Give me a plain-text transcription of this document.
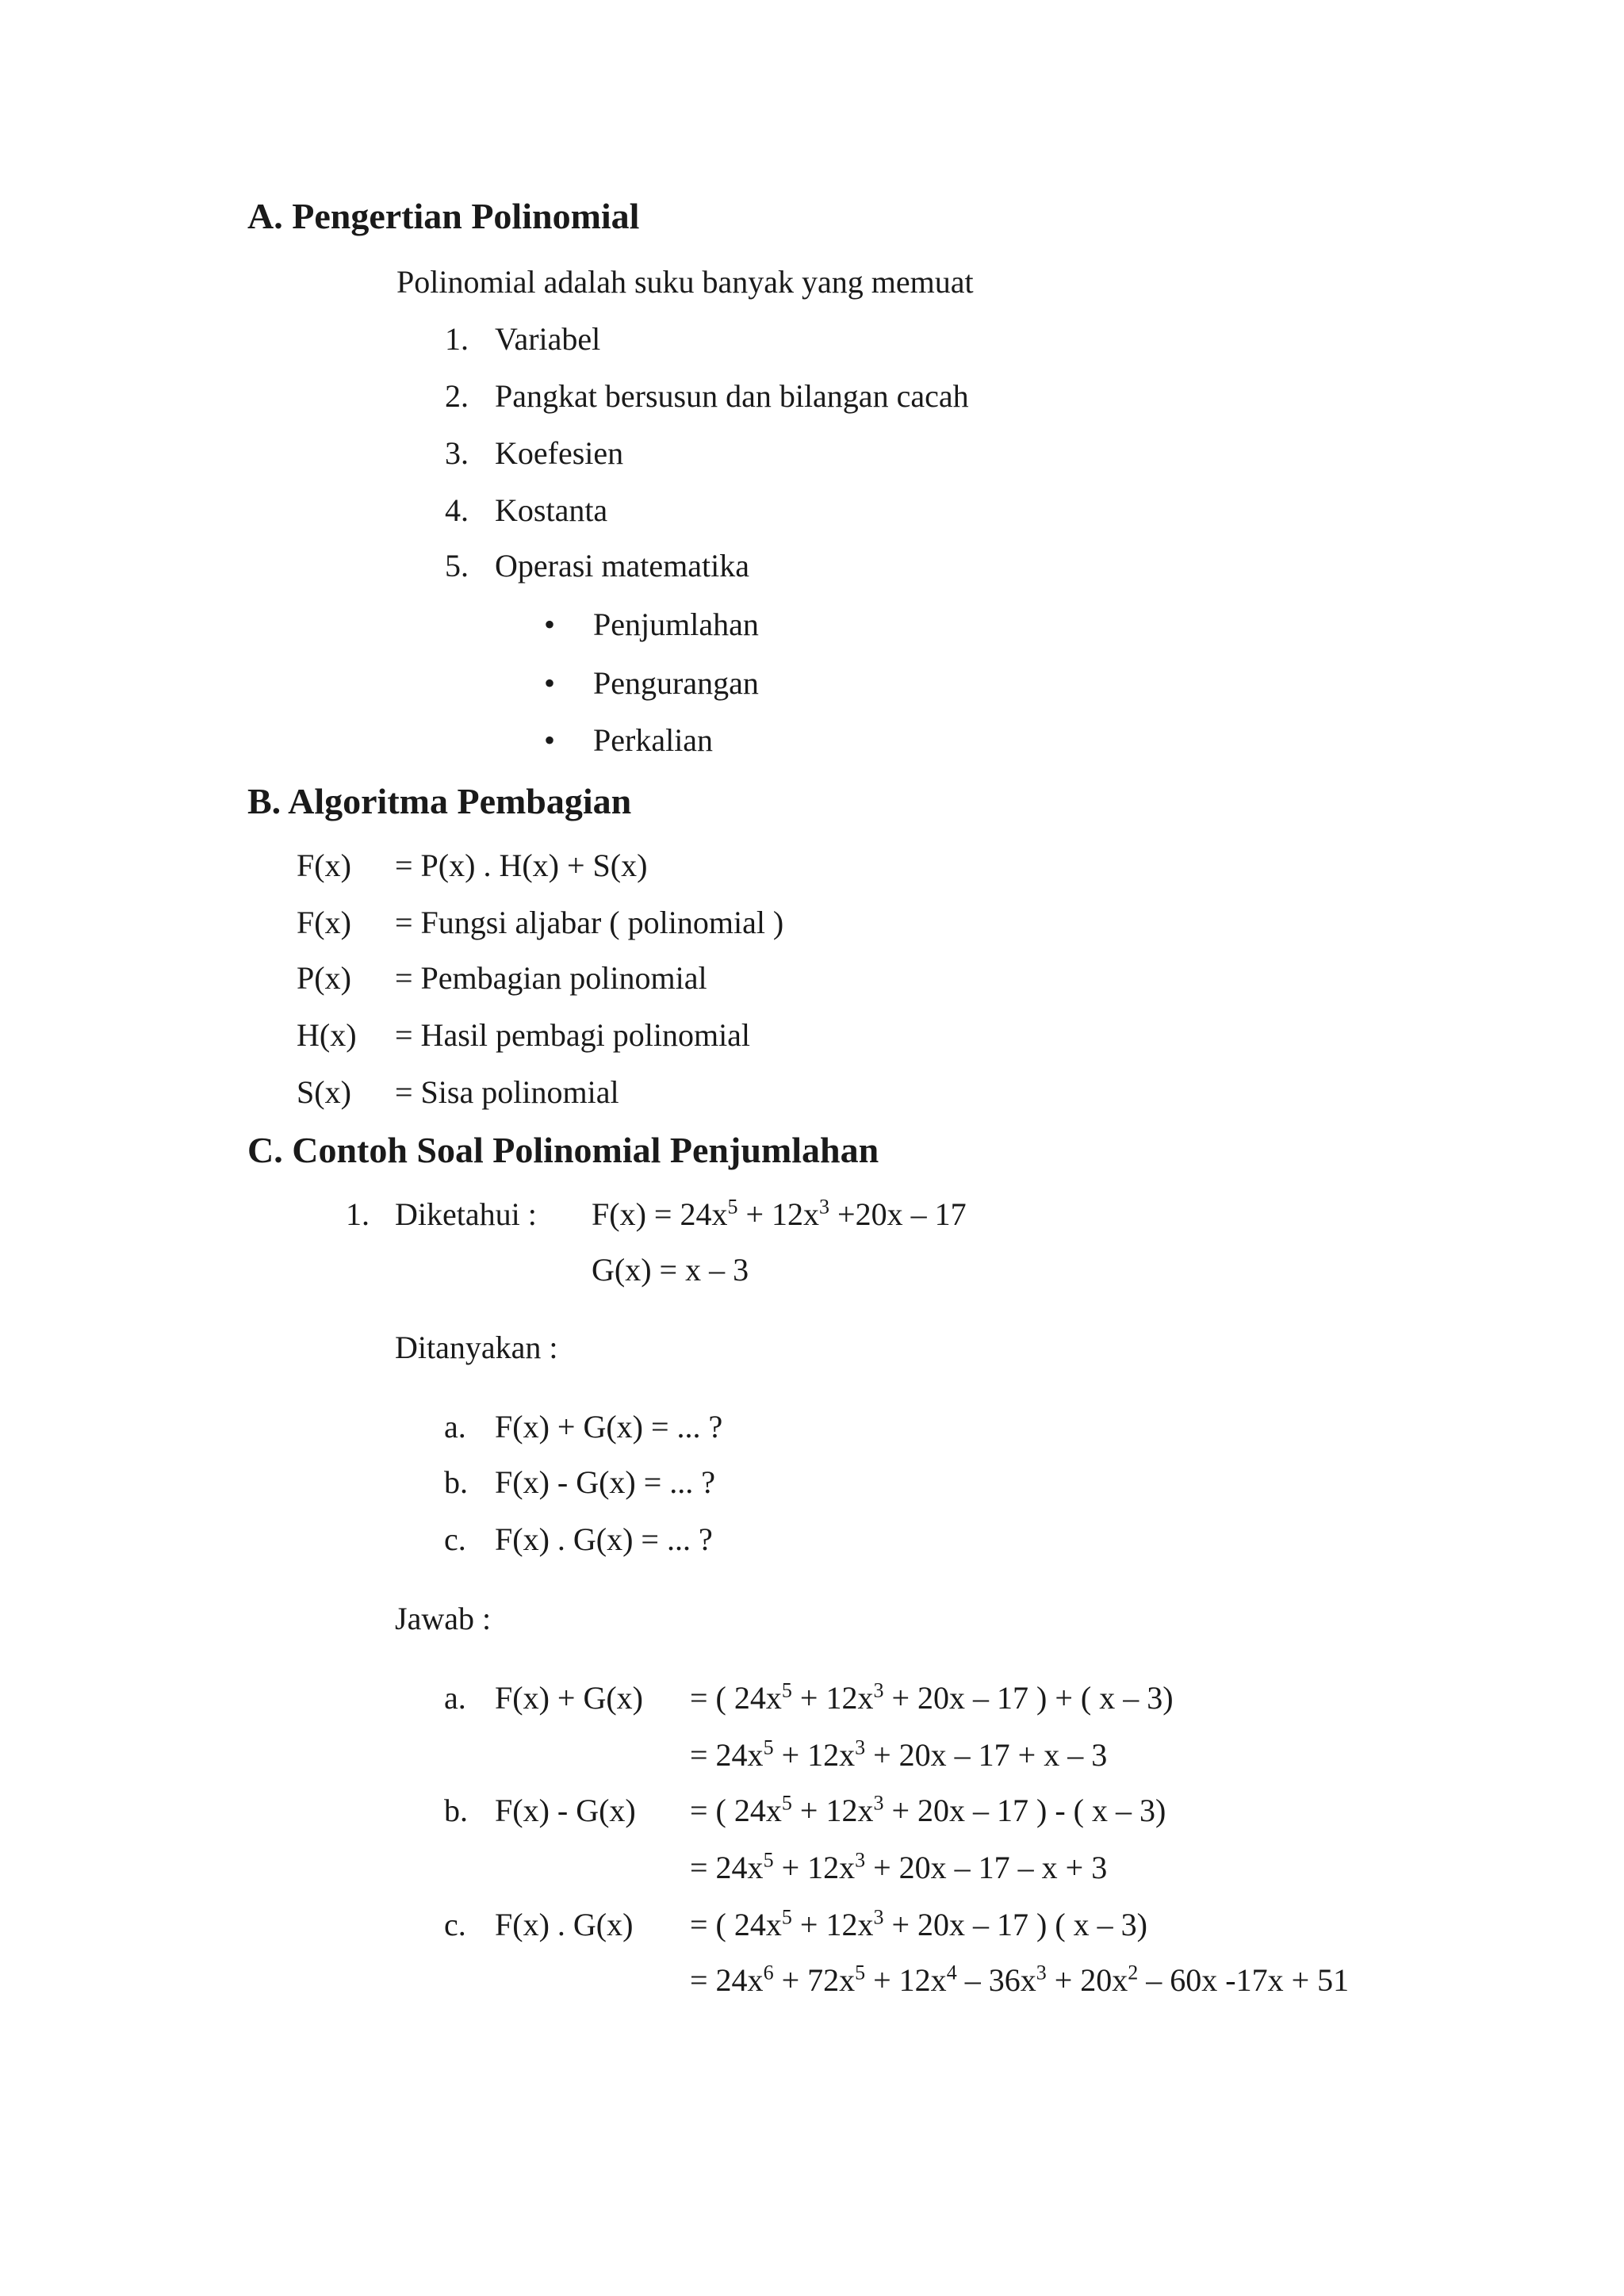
A. Pengertian Polinomial
Polinomial adalah suku banyak yang memuat
1. Variabel
2. Pangkat bersusun dan bilangan cacah
3. Koefesien
4. Kostanta
5. Operasi matematika
• Penjumlahan
• Pengurangan
• Perkalian
B. Algoritma Pembagian
F(x) = P(x) . H(x) + S(x)
F(x) = Fungsi aljabar ( polinomial )
P(x) = Pembagian polinomial
H(x) = Hasil pembagi polinomial
S(x) = Sisa polinomial
C. Contoh Soal Polinomial Penjumlahan
1. Diketahui : $F(x) = 24x^5 + 12x^3 +20x - 17$
G(x) = x – 3
Ditanyakan :
a. F(x) + G(x) = ... ?
b. F(x) - G(x) = ... ?
c. F(x) . G(x) = ... ?
Jawab :
a. F(x) + G(x) = ( $24x^5 + 12x^3 + 20x - 17$ ) + ( x – 3)
= $24x^5 + 12x^3 + 20x - 17 + x - 3$
b. F(x) - G(x) = ( $24x^5 + 12x^3 + 20x - 17$ ) - ( x – 3)
= $24x^5 + 12x^3 + 20x - 17 - x + 3$
c. F(x) . G(x) = ( $24x^5 + 12x^3 + 20x - 17$ ) ( x – 3)
= $24x^6 + 72x^5 + 12x^4 - 36x^3 + 20x^2 - 60x$ -17x + 51
